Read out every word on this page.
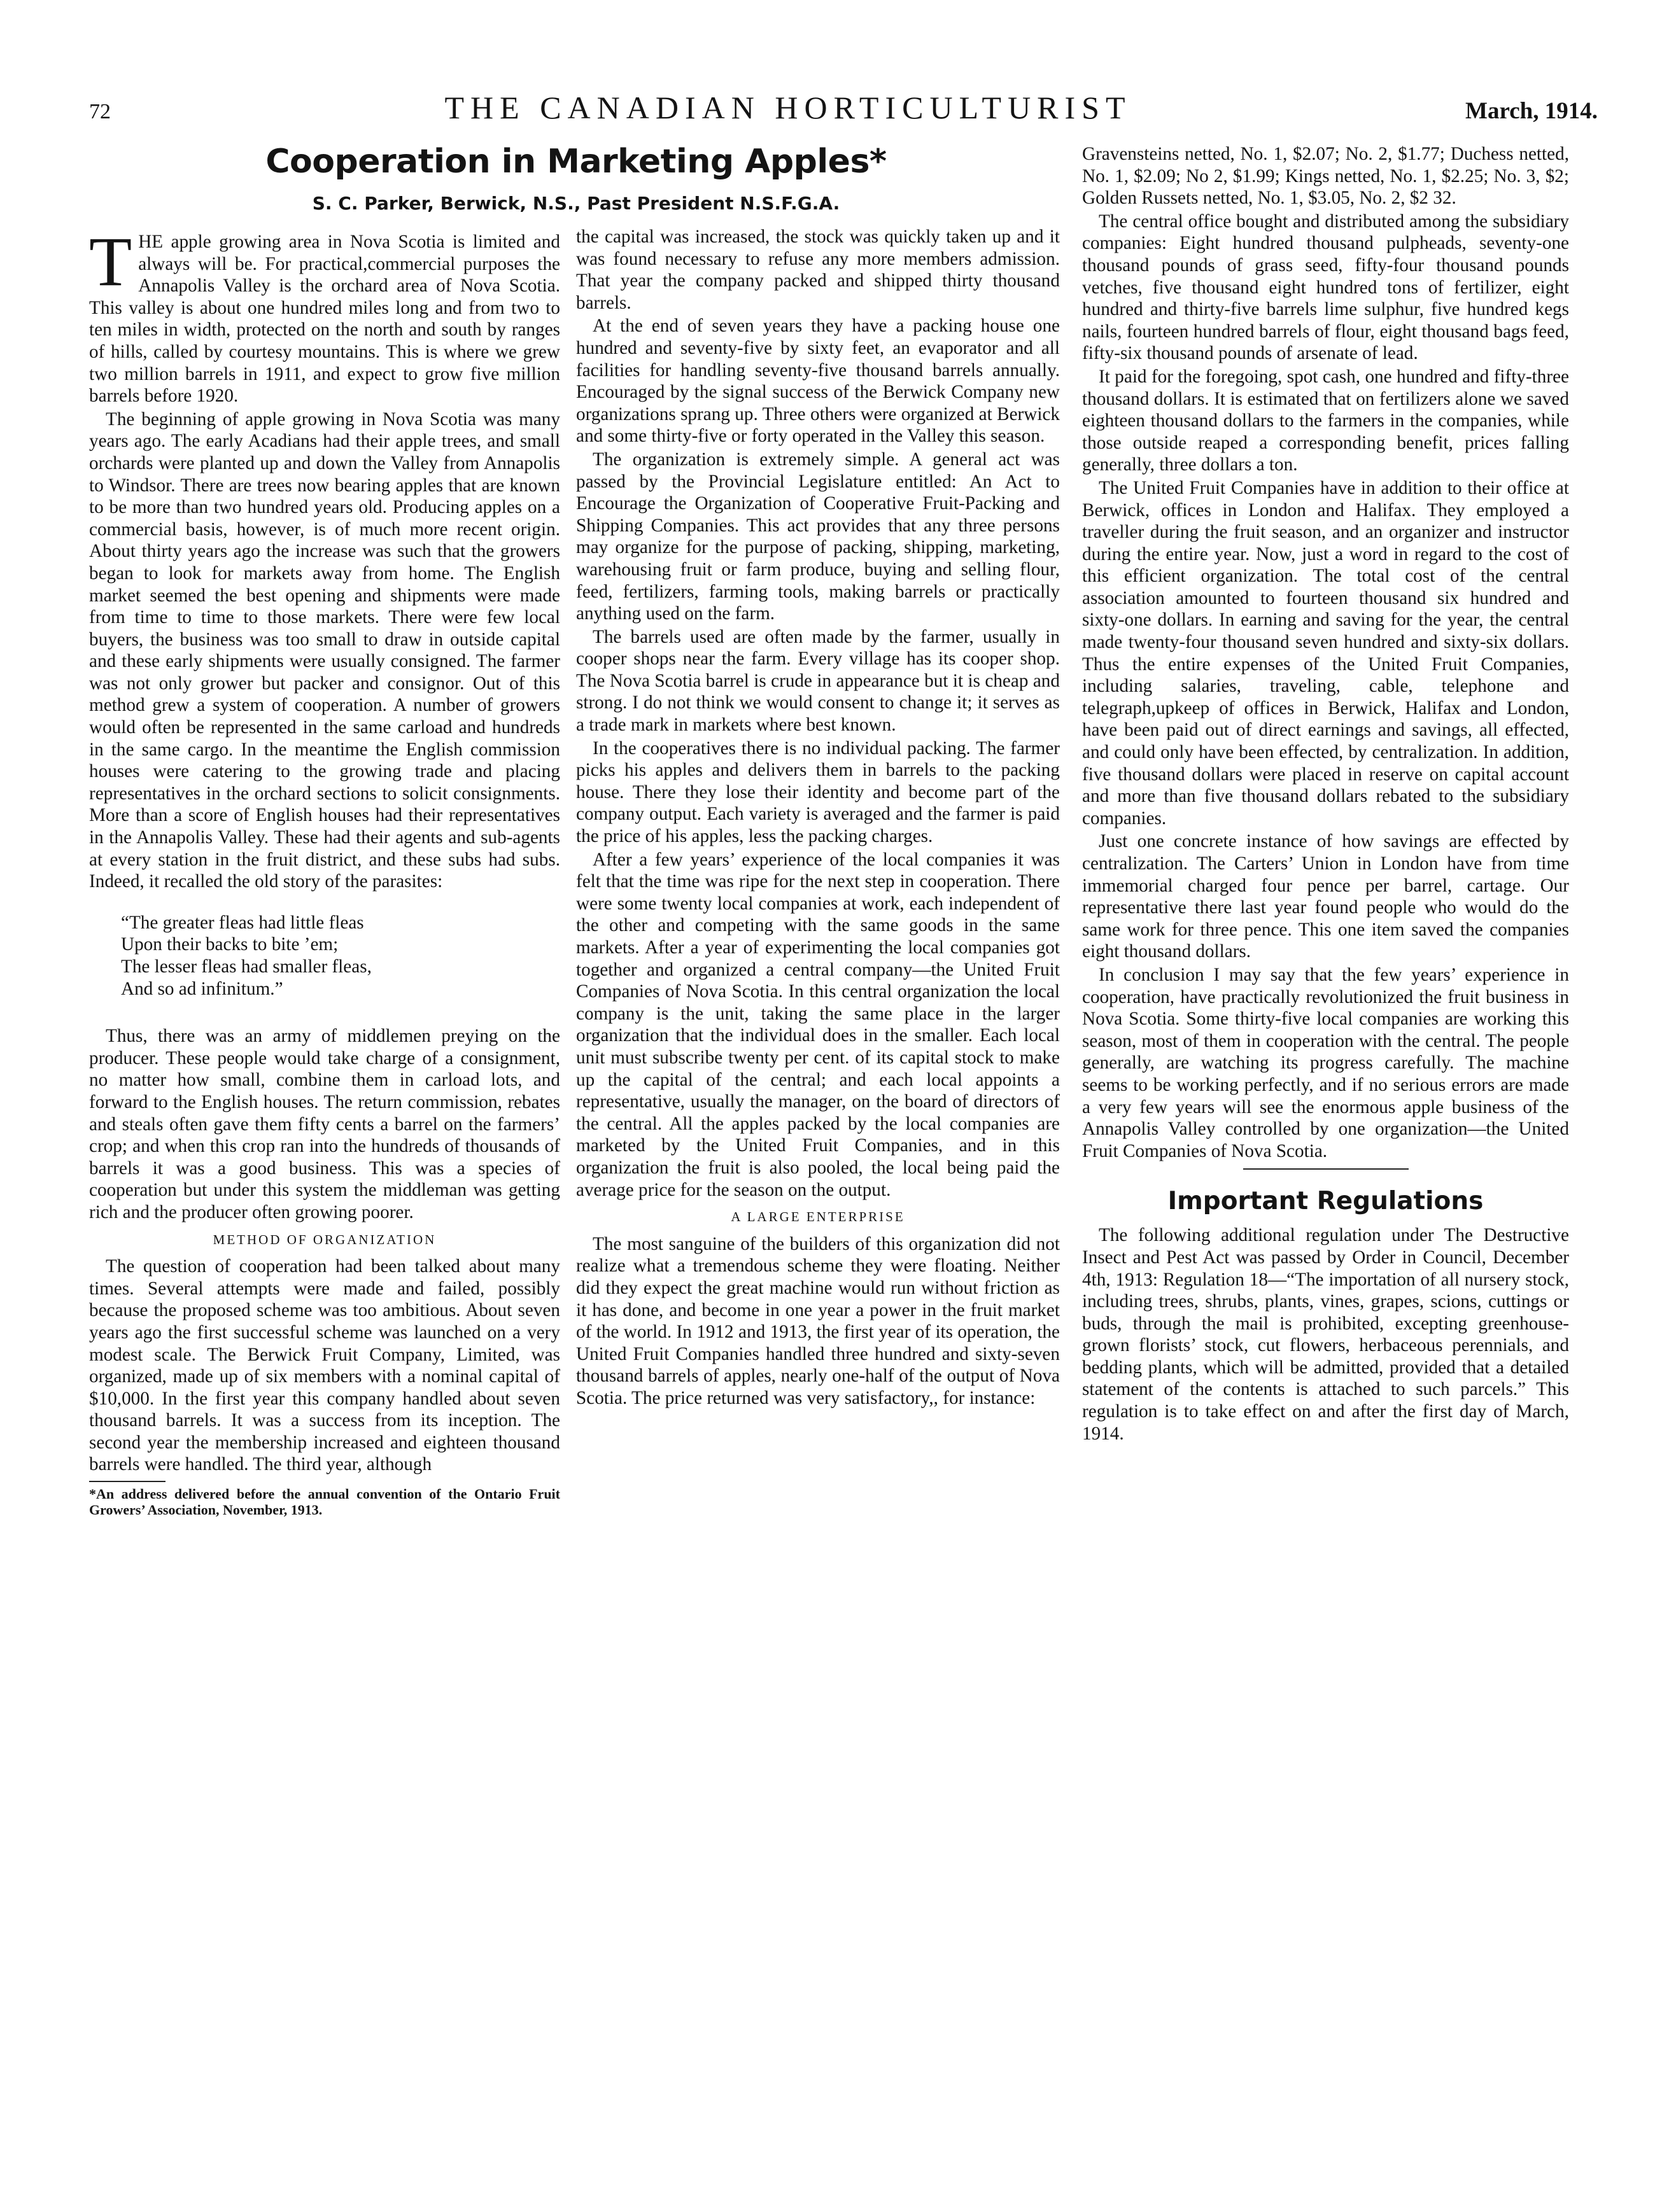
72	THE CANADIAN HORTICULTURIST	March, 1914.
Cooperation in Marketing Apples*
S. C. Parker, Berwick, N.S., Past President N.S.F.G.A.

THE apple growing area in Nova Scotia is limited and always will be. For practical,commercial purposes the Annapolis Valley is the orchard area of Nova Scotia. This valley is about one hundred miles long and from two to ten miles in width, protected on the north and south by ranges of hills, called by courtesy mountains. This is where we grew two million barrels in 1911, and expect to grow five million barrels before 1920.

The beginning of apple growing in Nova Scotia was many years ago. The early Acadians had their apple trees, and small orchards were planted up and down the Valley from Annapolis to Windsor. There are trees now bearing apples that are known to be more than two hundred years old. Producing apples on a commercial basis, however, is of much more recent origin. About thirty years ago the increase was such that the growers began to look for markets away from home. The English market seemed the best opening and shipments were made from time to time to those markets. There were few local buyers, the business was too small to draw in outside capital and these early shipments were usually consigned. The farmer was not only grower but packer and consignor. Out of this method grew a system of cooperation. A number of growers would often be represented in the same carload and hundreds in the same cargo. In the meantime the English commission houses were catering to the growing trade and placing representatives in the orchard sections to solicit consignments. More than a score of English houses had their representatives in the Annapolis Valley. These had their agents and sub-agents at every station in the fruit district, and these subs had subs. Indeed, it recalled the old story of the parasites:

“The greater fleas had little fleas
Upon their backs to bite ’em;
The lesser fleas had smaller fleas,
And so ad infinitum.”

Thus, there was an army of middlemen preying on the producer. These people would take charge of a consignment, no matter how small, combine them in carload lots, and forward to the English houses. The return commission, rebates and steals often gave them fifty cents a barrel on the farmers’ crop; and when this crop ran into the hundreds of thousands of barrels it was a good business. This was a species of cooperation but under this system the middleman was getting rich and the producer often growing poorer.

METHOD OF ORGANIZATION

The question of cooperation had been talked about many times. Several attempts were made and failed, possibly because the proposed scheme was too ambitious. About seven years ago the first successful scheme was launched on a very modest scale. The Berwick Fruit Company, Limited, was organized, made up of six members with a nominal capital of $10,000. In the first year this company handled about seven thousand barrels. It was a success from its inception. The second year the membership increased and eighteen thousand barrels were handled. The third year, although

*An address delivered before the annual convention of the Ontario Fruit Growers’ Association, November, 1913.

the capital was increased, the stock was quickly taken up and it was found necessary to refuse any more members admission. That year the company packed and shipped thirty thousand barrels.

At the end of seven years they have a packing house one hundred and seventy-five by sixty feet, an evaporator and all facilities for handling seventy-five thousand barrels annually. Encouraged by the signal success of the Berwick Company new organizations sprang up. Three others were organized at Berwick and some thirty-five or forty operated in the Valley this season.

The organization is extremely simple. A general act was passed by the Provincial Legislature entitled: An Act to Encourage the Organization of Cooperative Fruit-Packing and Shipping Companies. This act provides that any three persons may organize for the purpose of packing, shipping, marketing, warehousing fruit or farm produce, buying and selling flour, feed, fertilizers, farming tools, making barrels or practically anything used on the farm.

The barrels used are often made by the farmer, usually in cooper shops near the farm. Every village has its cooper shop. The Nova Scotia barrel is crude in appearance but it is cheap and strong. I do not think we would consent to change it; it serves as a trade mark in markets where best known.

In the cooperatives there is no individual packing. The farmer picks his apples and delivers them in barrels to the packing house. There they lose their identity and become part of the company output. Each variety is averaged and the farmer is paid the price of his apples, less the packing charges.

After a few years’ experience of the local companies it was felt that the time was ripe for the next step in cooperation. There were some twenty local companies at work, each independent of the other and competing with the same goods in the same markets. After a year of experimenting the local companies got together and organized a central company—the United Fruit Companies of Nova Scotia. In this central organization the local company is the unit, taking the same place in the larger organization that the individual does in the smaller. Each local unit must subscribe twenty per cent. of its capital stock to make up the capital of the central; and each local appoints a representative, usually the manager, on the board of directors of the central. All the apples packed by the local companies are marketed by the United Fruit Companies, and in this organization the fruit is also pooled, the local being paid the average price for the season on the output.

A LARGE ENTERPRISE

The most sanguine of the builders of this organization did not realize what a tremendous scheme they were floating. Neither did they expect the great machine would run without friction as it has done, and become in one year a power in the fruit market of the world. In 1912 and 1913, the first year of its operation, the United Fruit Companies handled three hundred and sixty-seven thousand barrels of apples, nearly one-half of the output of Nova Scotia. The price returned was very satisfactory,, for instance:

Gravensteins netted, No. 1, $2.07; No. 2, $1.77; Duchess netted, No. 1, $2.09; No 2, $1.99; Kings netted, No. 1, $2.25; No. 3, $2; Golden Russets netted, No. 1, $3.05, No. 2, $2 32.

The central office bought and distributed among the subsidiary companies: Eight hundred thousand pulpheads, seventy-one thousand pounds of grass seed, fifty-four thousand pounds vetches, five thousand eight hundred tons of fertilizer, eight hundred and thirty-five barrels lime sulphur, five hundred kegs nails, fourteen hundred barrels of flour, eight thousand bags feed, fifty-six thousand pounds of arsenate of lead.

It paid for the foregoing, spot cash, one hundred and fifty-three thousand dollars. It is estimated that on fertilizers alone we saved eighteen thousand dollars to the farmers in the companies, while those outside reaped a corresponding benefit, prices falling generally, three dollars a ton.

The United Fruit Companies have in addition to their office at Berwick, offices in London and Halifax. They employed a traveller during the fruit season, and an organizer and instructor during the entire year. Now, just a word in regard to the cost of this efficient organization. The total cost of the central association amounted to fourteen thousand six hundred and sixty-one dollars. In earning and saving for the year, the central made twenty-four thousand seven hundred and sixty-six dollars. Thus the entire expenses of the United Fruit Companies, including salaries, traveling, cable, telephone and telegraph,upkeep of offices in Berwick, Halifax and London, have been paid out of direct earnings and savings, all effected, and could only have been effected, by centralization. In addition, five thousand dollars were placed in reserve on capital account and more than five thousand dollars rebated to the subsidiary companies.

Just one concrete instance of how savings are effected by centralization. The Carters’ Union in London have from time immemorial charged four pence per barrel, cartage. Our representative there last year found people who would do the same work for three pence. This one item saved the companies eight thousand dollars.

In conclusion I may say that the few years’ experience in cooperation, have practically revolutionized the fruit business in Nova Scotia. Some thirty-five local companies are working this season, most of them in cooperation with the central. The people generally, are watching its progress carefully. The machine seems to be working perfectly, and if no serious errors are made a very few years will see the enormous apple business of the Annapolis Valley controlled by one organization—the United Fruit Companies of Nova Scotia.

Important Regulations

The following additional regulation under The Destructive Insect and Pest Act was passed by Order in Council, December 4th, 1913: Regulation 18—“The importation of all nursery stock, including trees, shrubs, plants, vines, grapes, scions, cuttings or buds, through the mail is prohibited, excepting greenhouse-grown florists’ stock, cut flowers, herbaceous perennials, and bedding plants, which will be admitted, provided that a detailed statement of the contents is attached to such parcels.” This regulation is to take effect on and after the first day of March, 1914.
